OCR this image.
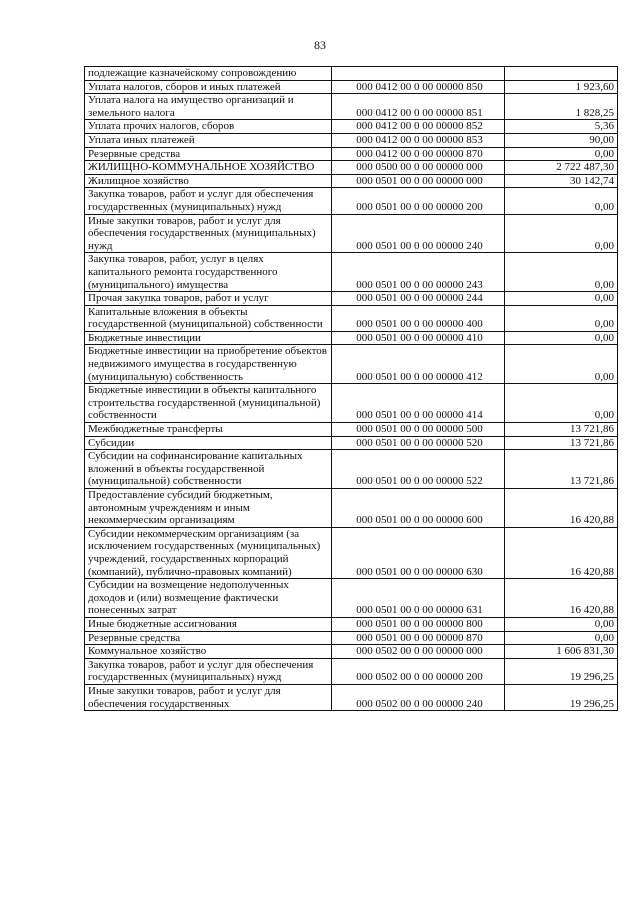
83
подлежащие казначейскому сопровождению		
Уплата налогов, сборов и иных платежей	000 0412 00 0 00 00000 850	1 923,60
Уплата налога на имущество организаций и земельного налога	000 0412 00 0 00 00000 851	1 828,25
Уплата прочих налогов, сборов	000 0412 00 0 00 00000 852	5,36
Уплата иных платежей	000 0412 00 0 00 00000 853	90,00
Резервные средства	000 0412 00 0 00 00000 870	0,00
ЖИЛИЩНО-КОММУНАЛЬНОЕ ХОЗЯЙСТВО	000 0500 00 0 00 00000 000	2 722 487,30
Жилищное хозяйство	000 0501 00 0 00 00000 000	30 142,74
Закупка товаров, работ и услуг для обеспечения государственных (муниципальных) нужд	000 0501 00 0 00 00000 200	0,00
Иные закупки товаров, работ и услуг для обеспечения государственных (муниципальных) нужд	000 0501 00 0 00 00000 240	0,00
Закупка товаров, работ, услуг в целях капитального ремонта государственного (муниципального) имущества	000 0501 00 0 00 00000 243	0,00
Прочая закупка товаров, работ и услуг	000 0501 00 0 00 00000 244	0,00
Капитальные вложения в объекты государственной (муниципальной) собственности	000 0501 00 0 00 00000 400	0,00
Бюджетные инвестиции	000 0501 00 0 00 00000 410	0,00
Бюджетные инвестиции на приобретение объектов недвижимого имущества в государственную (муниципальную) собственность	000 0501 00 0 00 00000 412	0,00
Бюджетные инвестиции в объекты капитального строительства государственной (муниципальной) собственности	000 0501 00 0 00 00000 414	0,00
Межбюджетные трансферты	000 0501 00 0 00 00000 500	13 721,86
Субсидии	000 0501 00 0 00 00000 520	13 721,86
Субсидии на софинансирование капитальных вложений в объекты государственной (муниципальной) собственности	000 0501 00 0 00 00000 522	13 721,86
Предоставление субсидий бюджетным, автономным учреждениям и иным некоммерческим организациям	000 0501 00 0 00 00000 600	16 420,88
Субсидии некоммерческим организациям (за исключением государственных (муниципальных) учреждений, государственных корпораций (компаний), публично-правовых компаний)	000 0501 00 0 00 00000 630	16 420,88
Субсидии на возмещение недополученных доходов и (или) возмещение фактически понесенных затрат	000 0501 00 0 00 00000 631	16 420,88
Иные бюджетные ассигнования	000 0501 00 0 00 00000 800	0,00
Резервные средства	000 0501 00 0 00 00000 870	0,00
Коммунальное хозяйство	000 0502 00 0 00 00000 000	1 606 831,30
Закупка товаров, работ и услуг для обеспечения государственных (муниципальных) нужд	000 0502 00 0 00 00000 200	19 296,25
Иные закупки товаров, работ и услуг для обеспечения государственных	000 0502 00 0 00 00000 240	19 296,25
